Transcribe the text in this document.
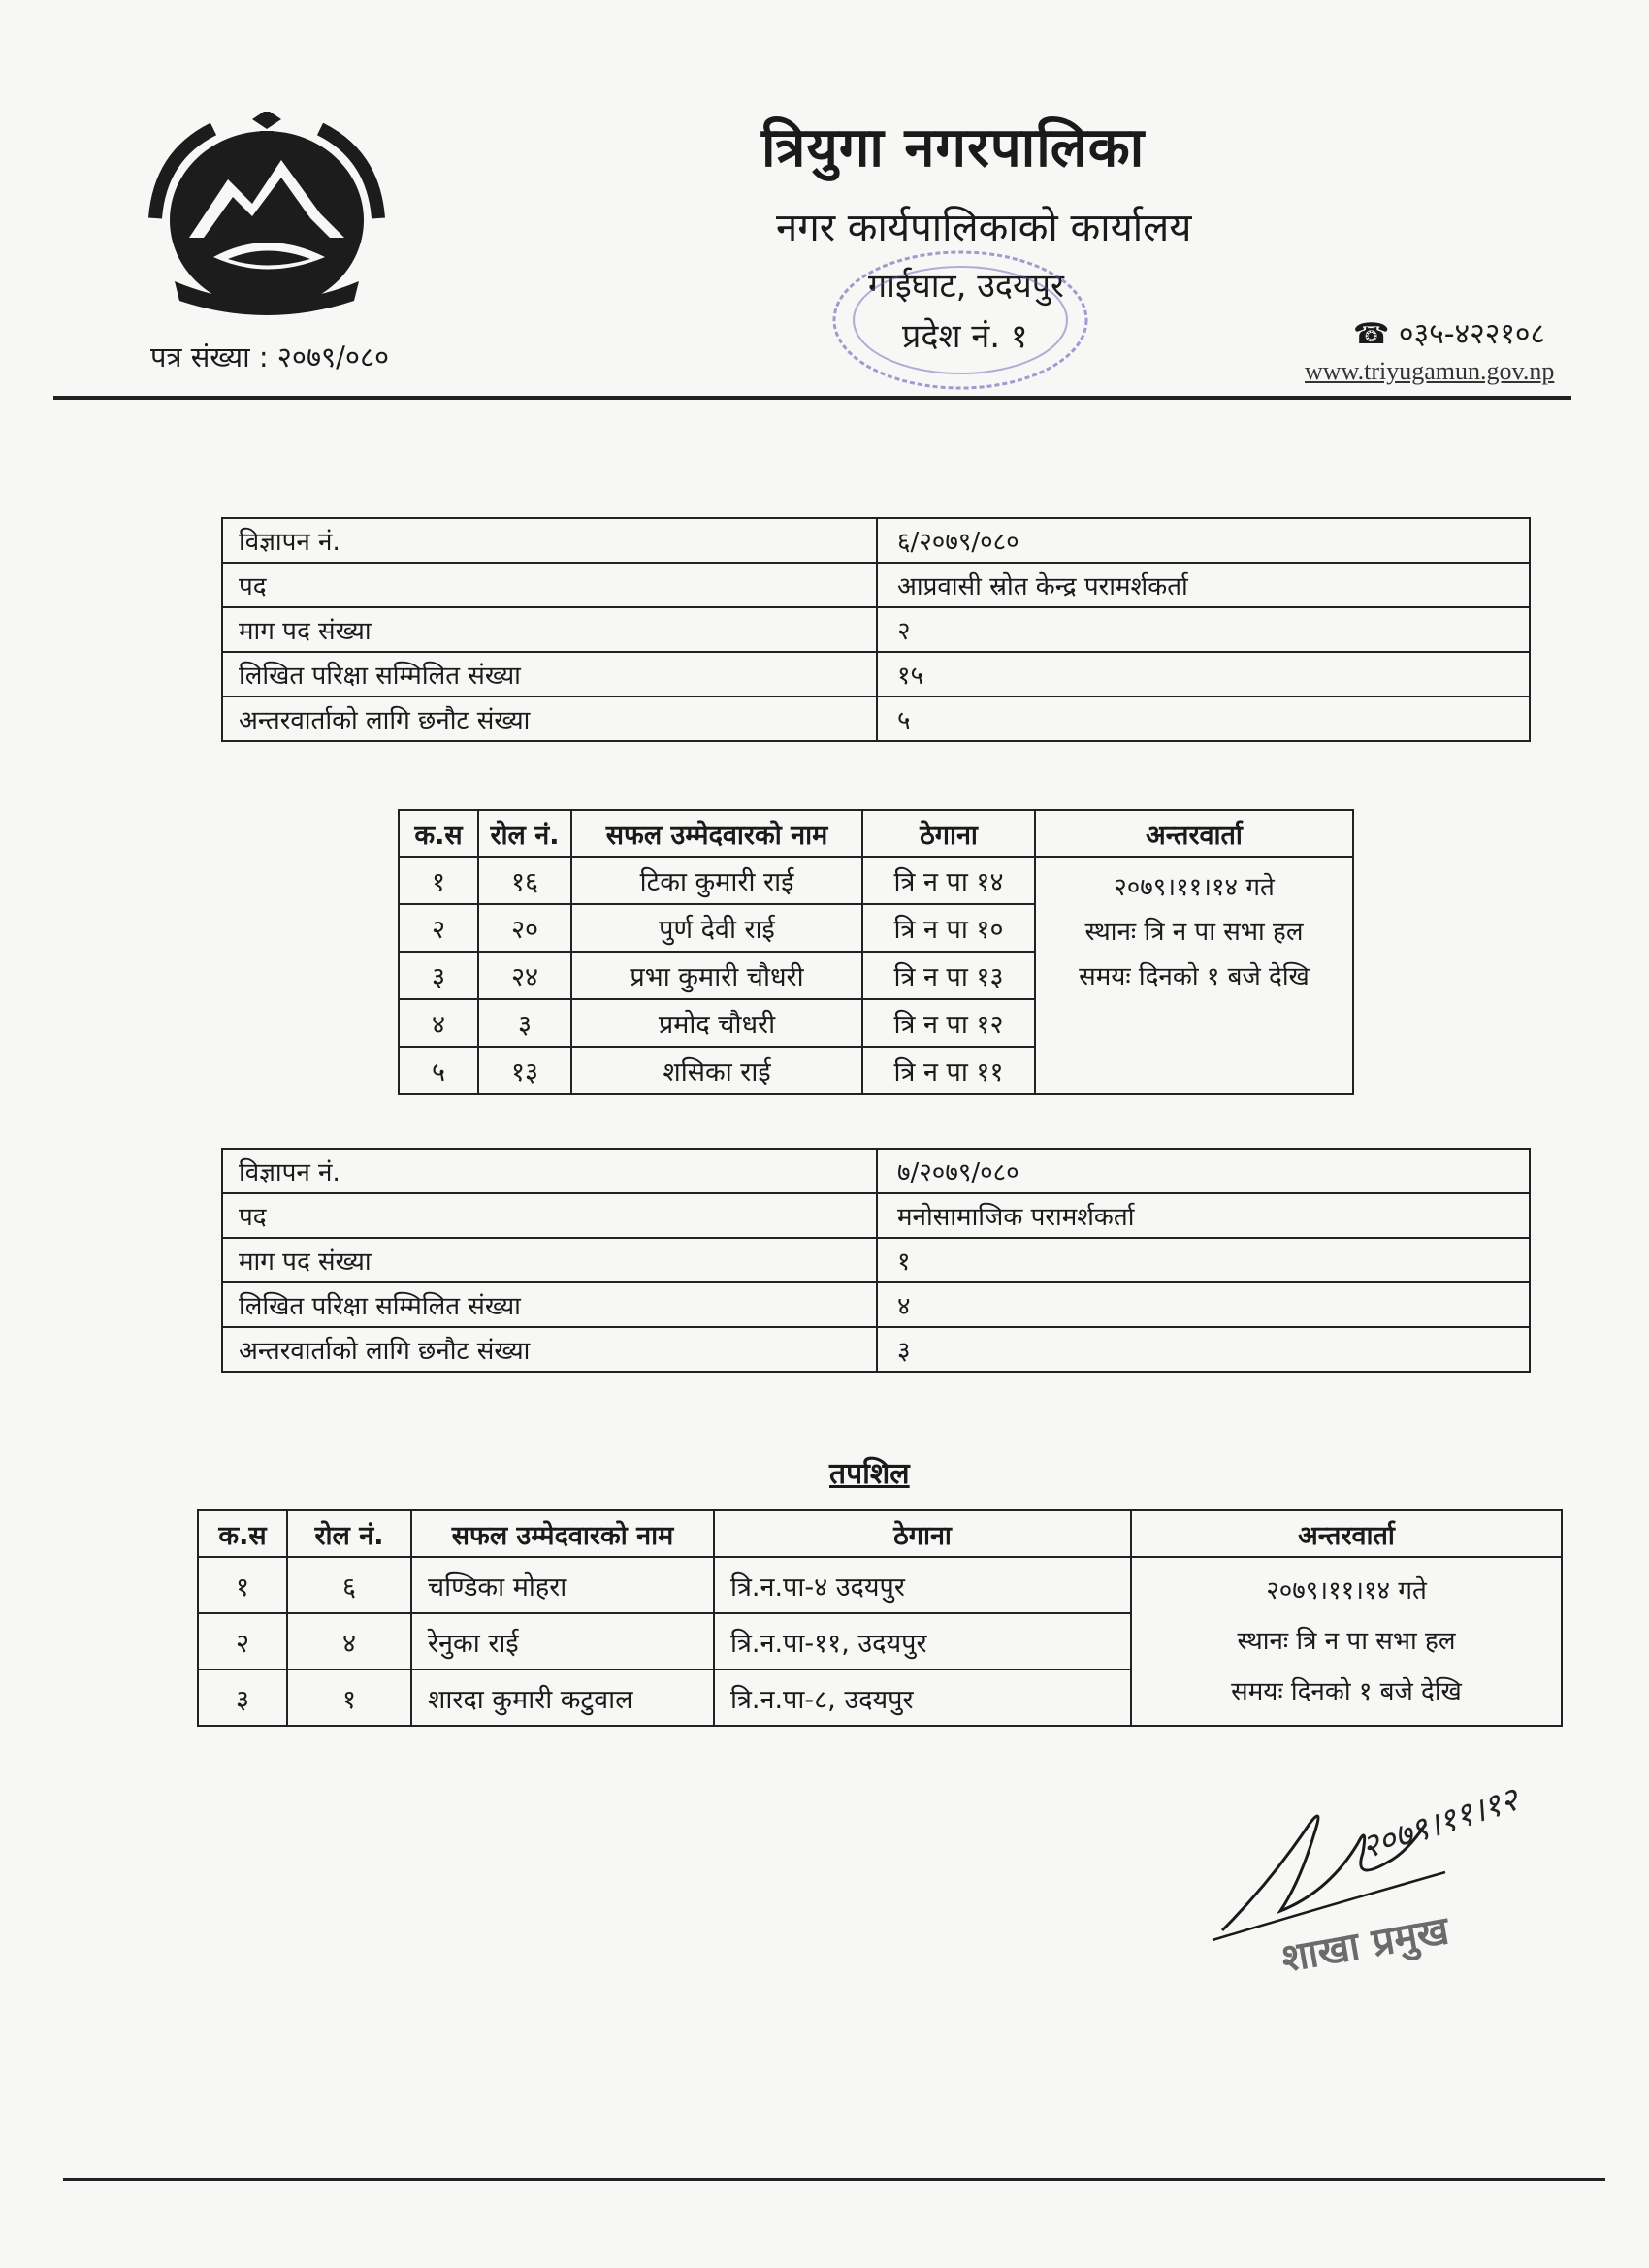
पत्र संख्या : २०७९/०८०
त्रियुगा नगरपालिका
नगर कार्यपालिकाको कार्यालय
गाईघाट, उदयपुर
प्रदेश नं. १	☎ ०३५-४२२१०८
www.triyugamun.gov.np
विज्ञापन नं.	६/२०७९/०८०
पद	आप्रवासी स्रोत केन्द्र परामर्शकर्ता
माग पद संख्या	२
लिखित परिक्षा सम्मिलित संख्या	१५
अन्तरवार्ताको लागि छनौट संख्या	५
क.स	रोल नं.	सफल उम्मेदवारको नाम	ठेगाना	अन्तरवार्ता
१	१६	टिका कुमारी राई	त्रि न पा १४	२०७९।११।१४ गते
स्थानः त्रि न पा सभा हल
समयः दिनको १ बजे देखि

२	२०	पुर्ण देवी राई	त्रि न पा १०	
३	२४	प्रभा कुमारी चौधरी	त्रि न पा १३	
४	३	प्रमोद चौधरी	त्रि न पा १२	
५	१३	शसिका राई	त्रि न पा ११	
विज्ञापन नं.	७/२०७९/०८०
पद	मनोसामाजिक परामर्शकर्ता
माग पद संख्या	१
लिखित परिक्षा सम्मिलित संख्या	४
अन्तरवार्ताको लागि छनौट संख्या	३
तपशिल
क.स	रोल नं.	सफल उम्मेदवारको नाम	ठेगाना	अन्तरवार्ता
१	६	चण्डिका मोहरा	त्रि.न.पा-४ उदयपुर	२०७९।११।१४ गते
स्थानः त्रि न पा सभा हल
समयः दिनको १ बजे देखि

२	४	रेनुका राई	त्रि.न.पा-११, उदयपुर	
३	१	शारदा कुमारी कटुवाल	त्रि.न.पा-८, उदयपुर	
२०७९।११।१२
शाखा प्रमुख
